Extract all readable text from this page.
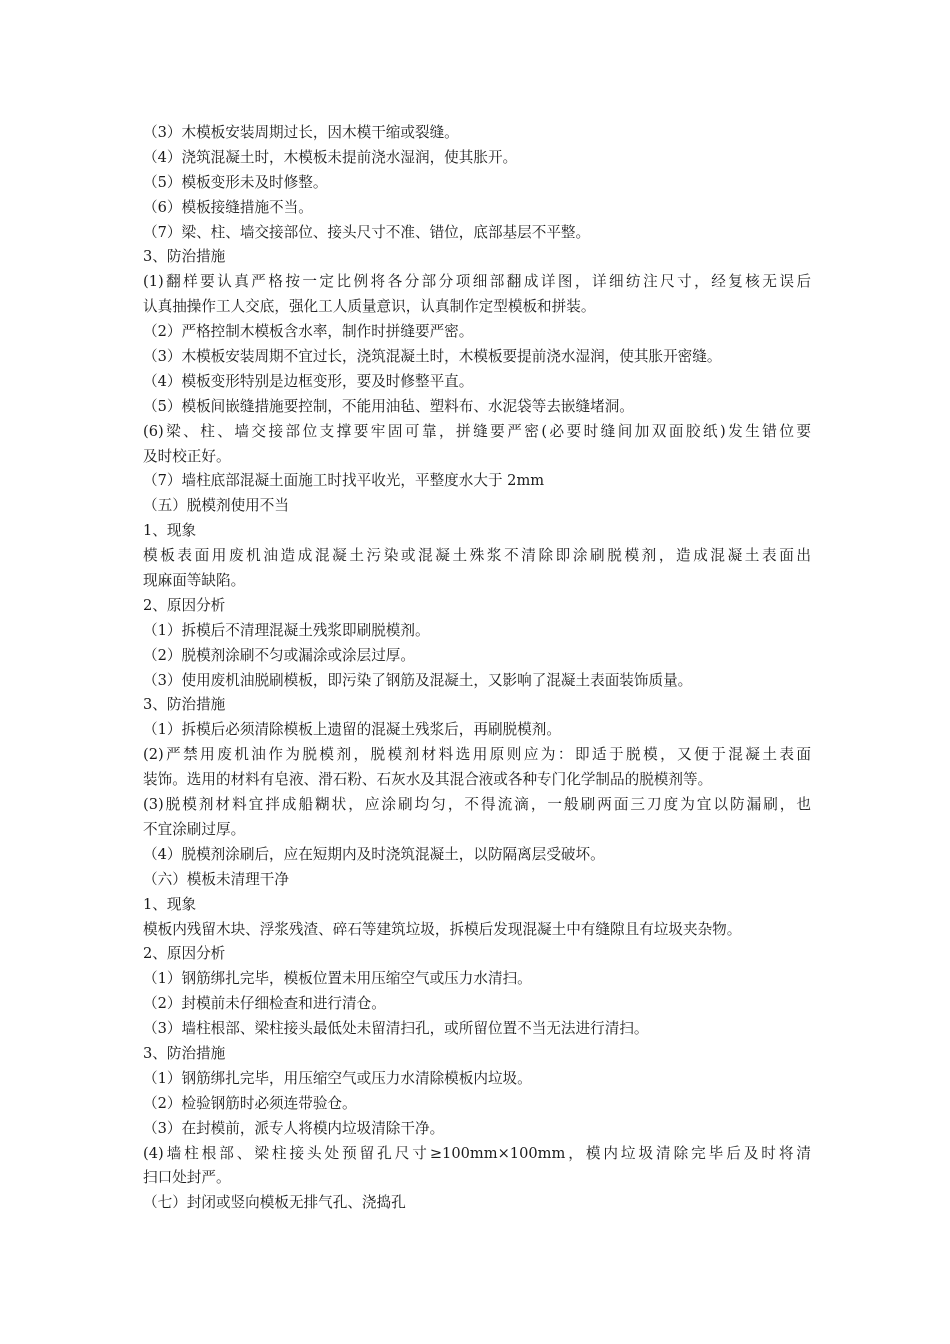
（3）木模板安装周期过长，因木模干缩或裂缝。
（4）浇筑混凝土时，木模板未提前浇水湿润，使其胀开。
（5）模板变形未及时修整。
（6）模板接缝措施不当。
（7）梁、柱、墙交接部位、接头尺寸不准、错位，底部基层不平整。
3、防治措施
(1)翻样要认真严格按一定比例将各分部分项细部翻成详图，详细纺注尺寸，经复核无误后
认真抽操作工人交底，强化工人质量意识，认真制作定型模板和拼装。
（2）严格控制木模板含水率，制作时拼缝要严密。
（3）木模板安装周期不宜过长，浇筑混凝土时，木模板要提前浇水湿润，使其胀开密缝。
（4）模板变形特别是边框变形，要及时修整平直。
（5）模板间嵌缝措施要控制，不能用油毡、塑料布、水泥袋等去嵌缝堵洞。
(6)梁、柱、墙交接部位支撑要牢固可靠，拼缝要严密(必要时缝间加双面胶纸)发生错位要
及时校正好。
（7）墙柱底部混凝土面施工时找平收光，平整度水大于 2mm
（五）脱模剂使用不当
1、现象
模板表面用废机油造成混凝土污染或混凝土殊浆不清除即涂刷脱模剂，造成混凝土表面出
现麻面等缺陷。
2、原因分析
（1）拆模后不清理混凝土残浆即刷脱模剂。
（2）脱模剂涂刷不匀或漏涂或涂层过厚。
（3）使用废机油脱刷模板，即污染了钢筋及混凝土，又影响了混凝土表面装饰质量。
3、防治措施
（1）拆模后必须清除模板上遗留的混凝土残浆后，再刷脱模剂。
(2)严禁用废机油作为脱模剂，脱模剂材料选用原则应为：即适于脱模，又便于混凝土表面
装饰。选用的材料有皂液、滑石粉、石灰水及其混合液或各种专门化学制品的脱模剂等。
(3)脱模剂材料宜拌成船糊状，应涂刷均匀，不得流滴，一般刷两面三刀度为宜以防漏刷，也
不宜涂刷过厚。
（4）脱模剂涂刷后，应在短期内及时浇筑混凝土，以防隔离层受破坏。
（六）模板未清理干净
1、现象
模板内残留木块、浮浆残渣、碎石等建筑垃圾，拆模后发现混凝土中有缝隙且有垃圾夹杂物。
2、原因分析
（1）钢筋绑扎完毕，模板位置未用压缩空气或压力水清扫。
（2）封模前未仔细检查和进行清仓。
（3）墙柱根部、梁柱接头最低处未留清扫孔，或所留位置不当无法进行清扫。
3、防治措施
（1）钢筋绑扎完毕，用压缩空气或压力水清除模板内垃圾。
（2）检验钢筋时必须连带验仓。
（3）在封模前，派专人将模内垃圾清除干净。
(4)墙柱根部、梁柱接头处预留孔尺寸≥100mm×100mm，模内垃圾清除完毕后及时将清
扫口处封严。
（七）封闭或竖向模板无排气孔、浇捣孔
